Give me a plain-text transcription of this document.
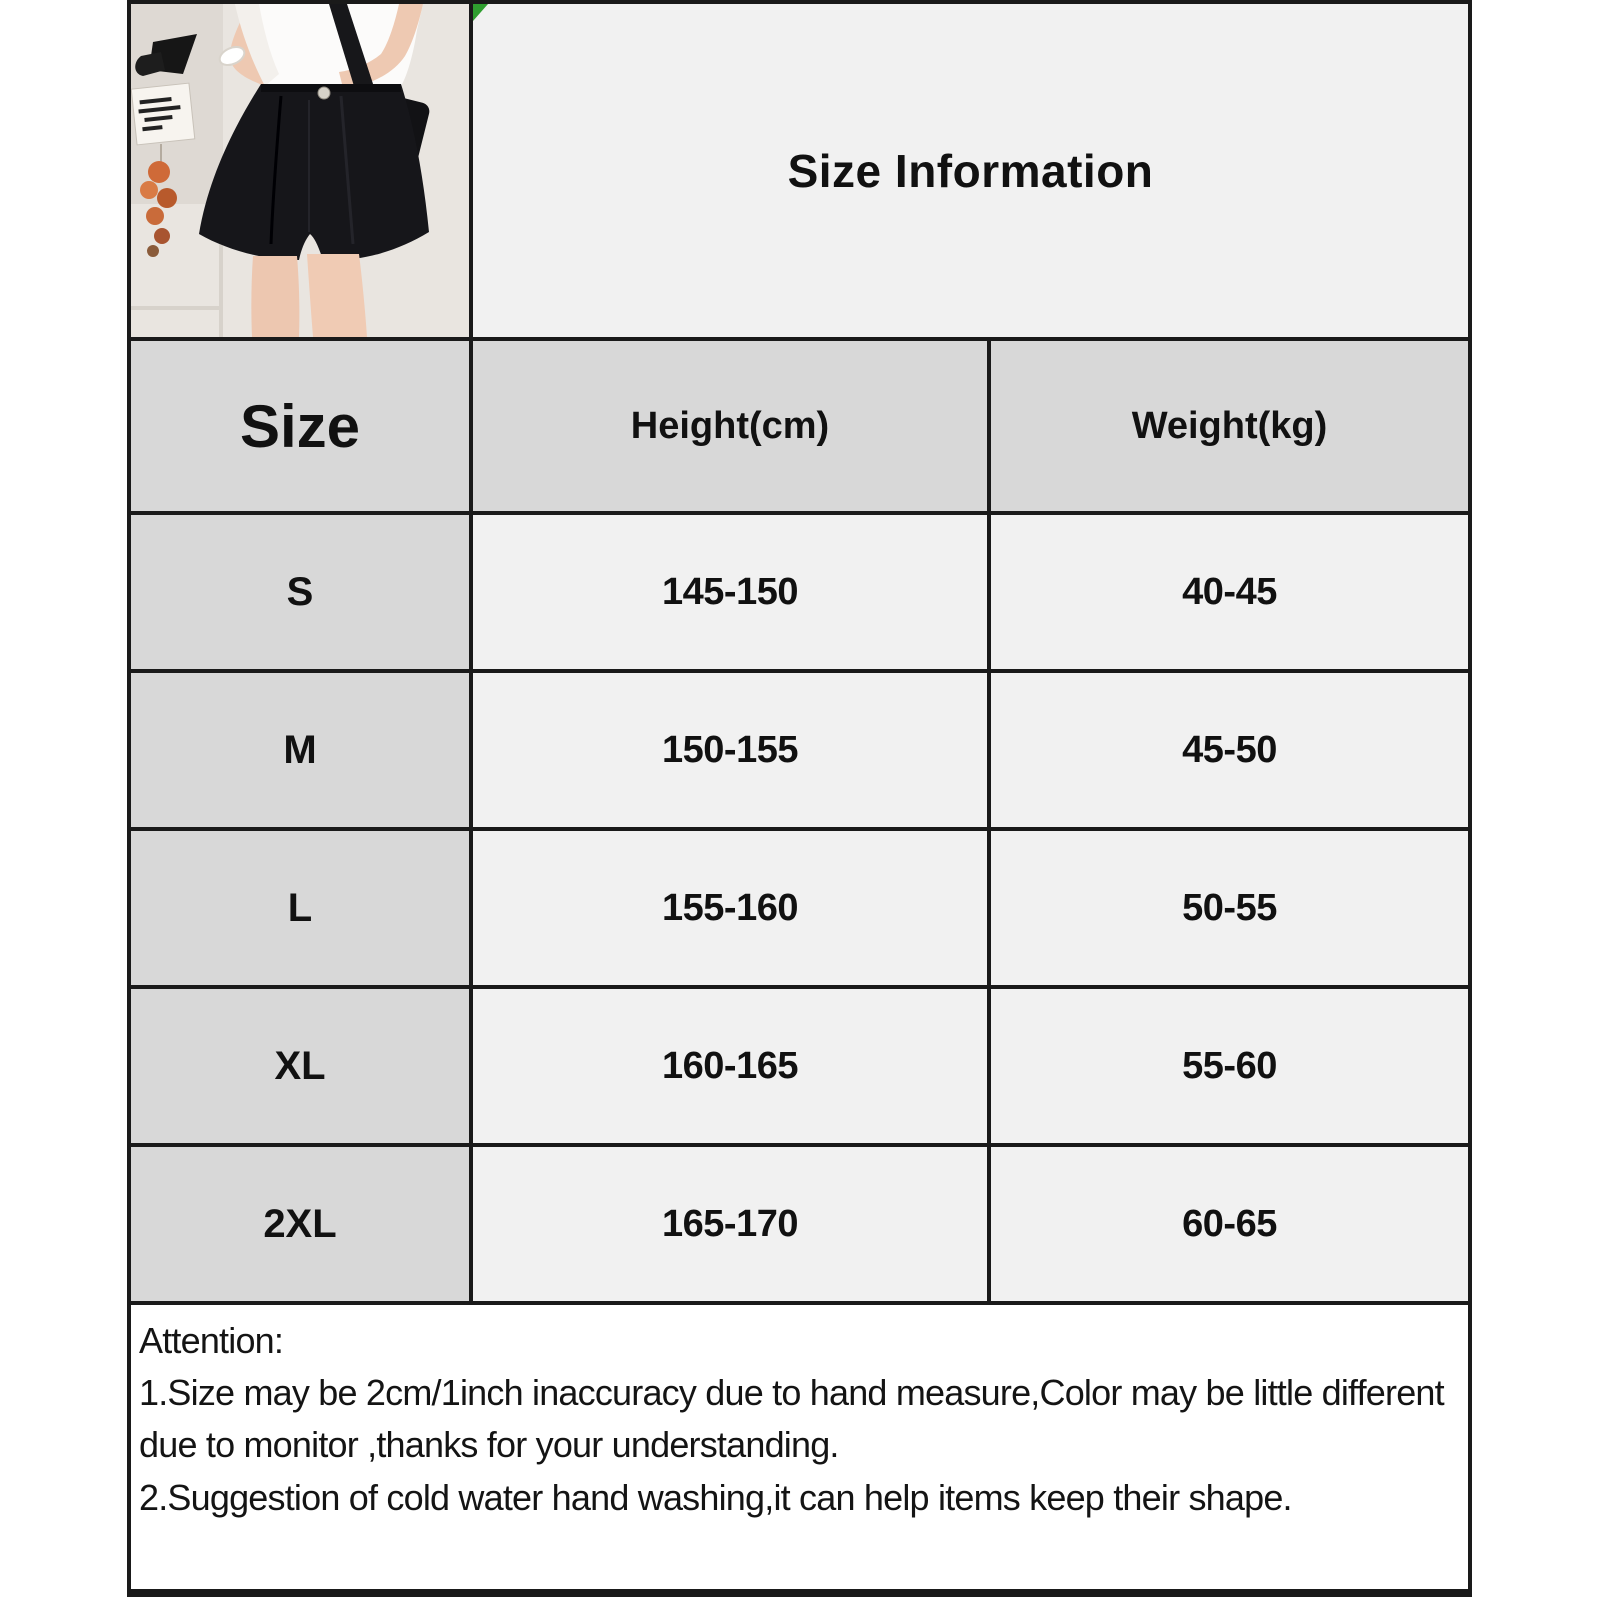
Size Information
Size	Height(cm)	Weight(kg)
S	145-150	40-45
M	150-155	45-50
L	155-160	50-55
XL	160-165	55-60
2XL	165-170	60-65

Attention:

1.Size may be 2cm/1inch inaccuracy due to hand measure,Color may be little different due to monitor ,thanks for your understanding.

2.Suggestion of cold water hand washing,it can help items keep their shape.
